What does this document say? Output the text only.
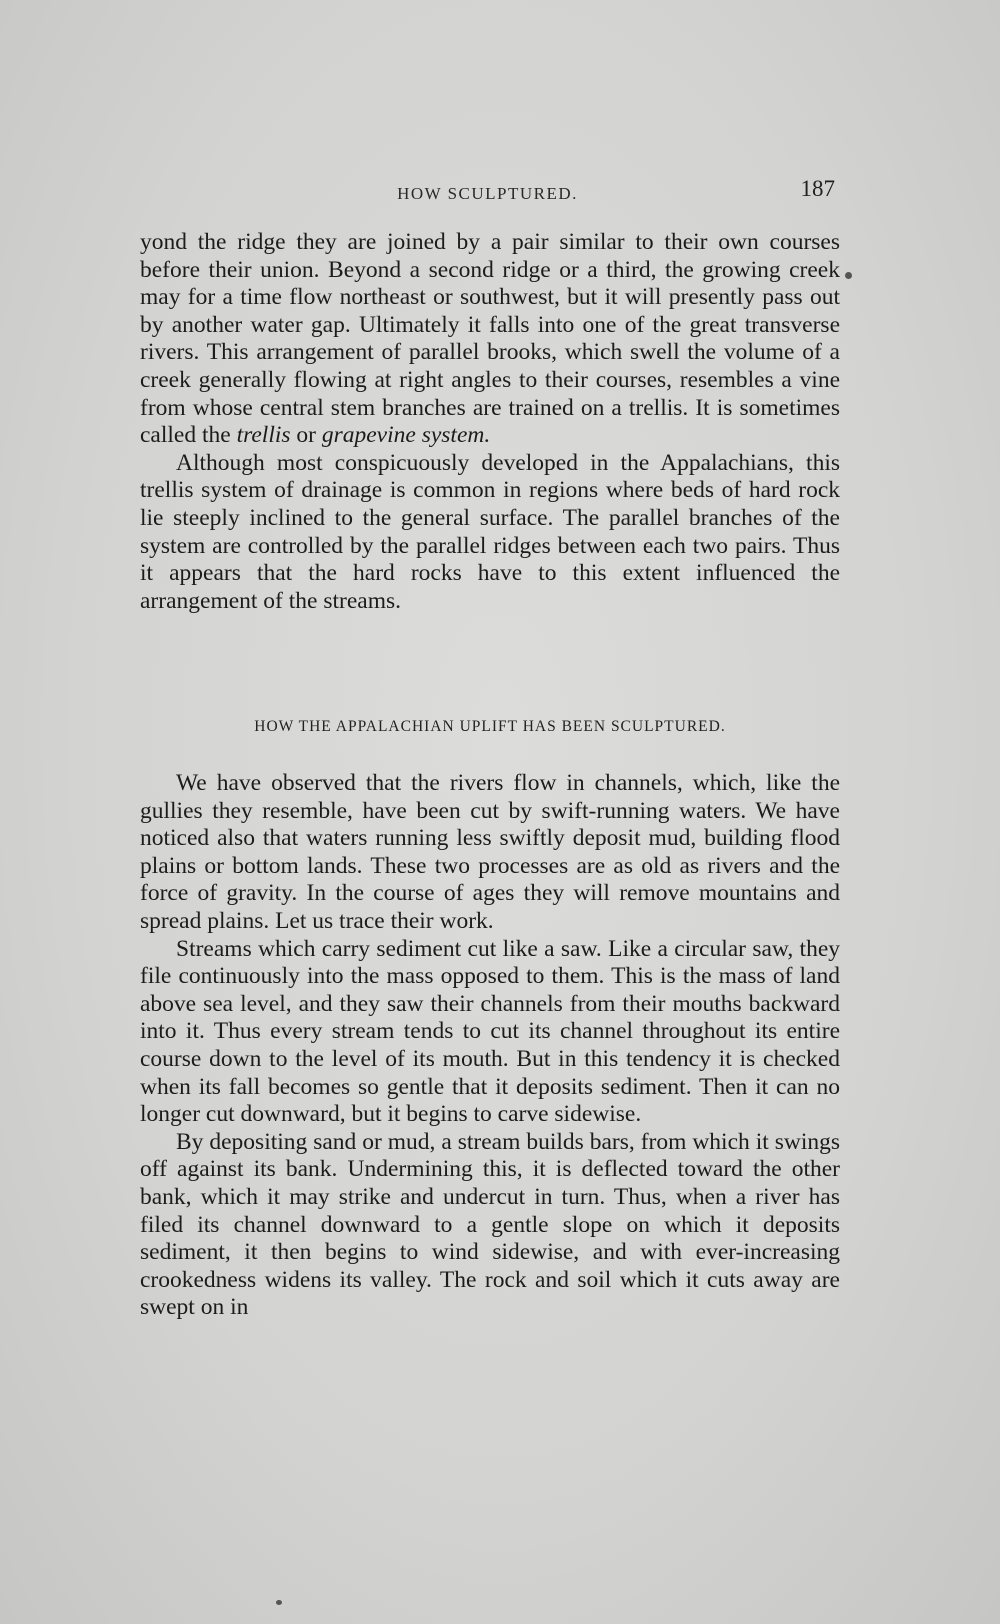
HOW SCULPTURED.	187

yond the ridge they are joined by a pair similar to their own courses before their union. Beyond a second ridge or a third, the growing creek may for a time flow northeast or southwest, but it will presently pass out by another water gap. Ultimately it falls into one of the great transverse rivers. This arrangement of parallel brooks, which swell the volume of a creek generally flowing at right angles to their courses, resembles a vine from whose central stem branches are trained on a trellis. It is sometimes called the trellis or grapevine system.

Although most conspicuously developed in the Appalachians, this trellis system of drainage is common in regions where beds of hard rock lie steeply inclined to the general surface. The parallel branches of the system are controlled by the parallel ridges between each two pairs. Thus it appears that the hard rocks have to this extent influenced the arrangement of the streams.

HOW THE APPALACHIAN UPLIFT HAS BEEN SCULPTURED.

We have observed that the rivers flow in channels, which, like the gullies they resemble, have been cut by swift-running waters. We have noticed also that waters running less swiftly deposit mud, building flood plains or bottom lands. These two processes are as old as rivers and the force of gravity. In the course of ages they will remove mountains and spread plains. Let us trace their work.

Streams which carry sediment cut like a saw. Like a circular saw, they file continuously into the mass opposed to them. This is the mass of land above sea level, and they saw their channels from their mouths backward into it. Thus every stream tends to cut its channel throughout its entire course down to the level of its mouth. But in this tendency it is checked when its fall becomes so gentle that it deposits sediment. Then it can no longer cut downward, but it begins to carve sidewise.

By depositing sand or mud, a stream builds bars, from which it swings off against its bank. Undermining this, it is deflected toward the other bank, which it may strike and undercut in turn. Thus, when a river has filed its channel downward to a gentle slope on which it deposits sediment, it then begins to wind sidewise, and with ever-increasing crookedness widens its valley. The rock and soil which it cuts away are swept on in
